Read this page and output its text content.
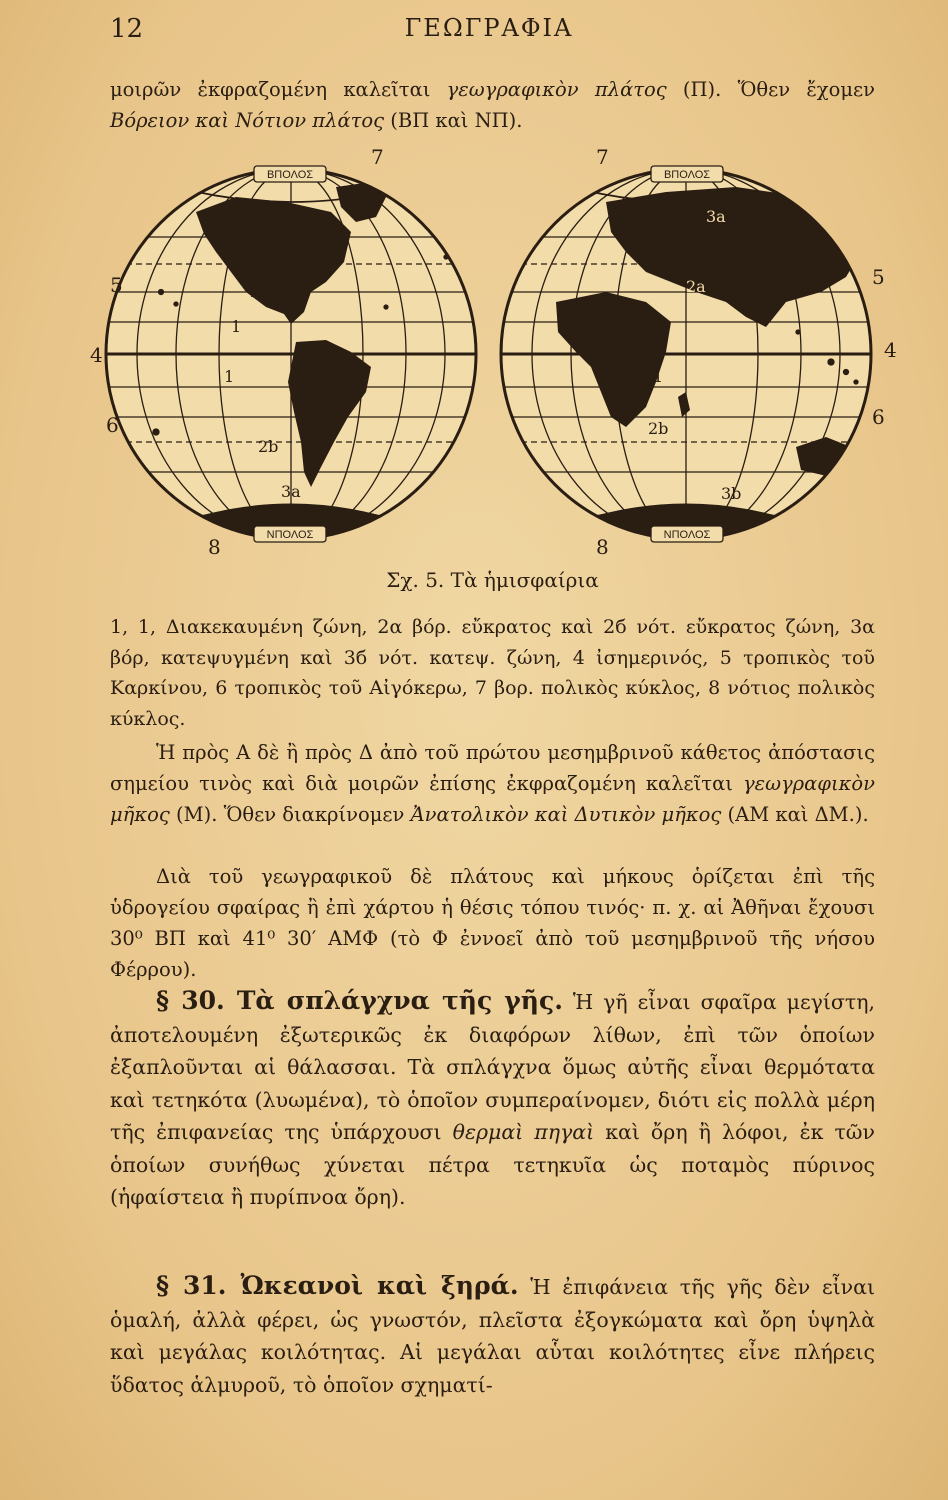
12	ΓΕΩΓΡΑΦΙΑ

μοιρῶν ἐκφραζομένη καλεῖται γεωγραφικὸν πλάτος (Π). Ὅθεν ἔχομεν Βόρειον καὶ Νότιον πλάτος (ΒΠ καὶ ΝΠ).

ΒΠΟΛΟΣ
ΝΠΟΛΟΣ
7
5
4
6
8
3a
2a
1
1
2b
3a
ΒΠΟΛΟΣ
ΝΠΟΛΟΣ
7
5
4
6
8
3a
2a
1
1
2b
3b
Σχ. 5. Τὰ ἡμισφαίρια
1, 1, Διακεκαυμένη ζώνη, 2α βόρ. εὔκρατος καὶ 2б νότ. εὔκρατος ζώνη, 3α βόρ, κατεψυγμένη καὶ 3б νότ. κατεψ. ζώνη, 4 ἰσημερινός, 5 τροπικὸς τοῦ Καρκίνου, 6 τροπικὸς τοῦ Αἰγόκερω, 7 βορ. πολικὸς κύκλος, 8 νότιος πολικὸς κύκλος.

Ἡ πρὸς Α δὲ ἢ πρὸς Δ ἀπὸ τοῦ πρώτου μεσημβρινοῦ κάθετος ἀπόστασις σημείου τινὸς καὶ διὰ μοιρῶν ἐπίσης ἐκφραζομένη καλεῖται γεωγραφικὸν μῆκος (Μ). Ὅθεν διακρίνομεν Ἀνατολικὸν καὶ Δυτικὸν μῆκος (ΑΜ καὶ ΔΜ.).

Διὰ τοῦ γεωγραφικοῦ δὲ πλάτους καὶ μήκους ὁρίζεται ἐπὶ τῆς ὑδρογείου σφαίρας ἢ ἐπὶ χάρτου ἡ θέσις τόπου τινός· π. χ. αἱ Ἀθῆναι ἔχουσι 30⁰ ΒΠ καὶ 41⁰ 30′ ΑΜΦ (τὸ Φ ἐννοεῖ ἀπὸ τοῦ μεσημβρινοῦ τῆς νήσου Φέρρου).

§ 30. Τὰ σπλάγχνα τῆς γῆς. Ἡ γῆ εἶναι σφαῖρα μεγίστη, ἀποτελουμένη ἐξωτερικῶς ἐκ διαφόρων λίθων, ἐπὶ τῶν ὁποίων ἐξαπλοῦνται αἱ θάλασσαι. Τὰ σπλάγχνα ὅμως αὐτῆς εἶναι θερμότατα καὶ τετηκότα (λυωμένα), τὸ ὁποῖον συμπεραίνομεν, διότι εἰς πολλὰ μέρη τῆς ἐπιφανείας της ὑπάρχουσι θερμαὶ πηγαὶ καὶ ὄρη ἢ λόφοι, ἐκ τῶν ὁποίων συνήθως χύνεται πέτρα τετηκυῖα ὡς ποταμὸς πύρινος (ἡφαίστεια ἢ πυρίπνοα ὄρη).

§ 31. Ὠκεανοὶ καὶ ξηρά. Ἡ ἐπιφάνεια τῆς γῆς δὲν εἶναι ὁμαλή, ἀλλὰ φέρει, ὡς γνωστόν, πλεῖστα ἐξογκώματα καὶ ὄρη ὑψηλὰ καὶ μεγάλας κοιλότητας. Αἱ μεγάλαι αὗται κοιλότητες εἶνε πλήρεις ὕδατος ἁλμυροῦ, τὸ ὁποῖον σχηματί-
